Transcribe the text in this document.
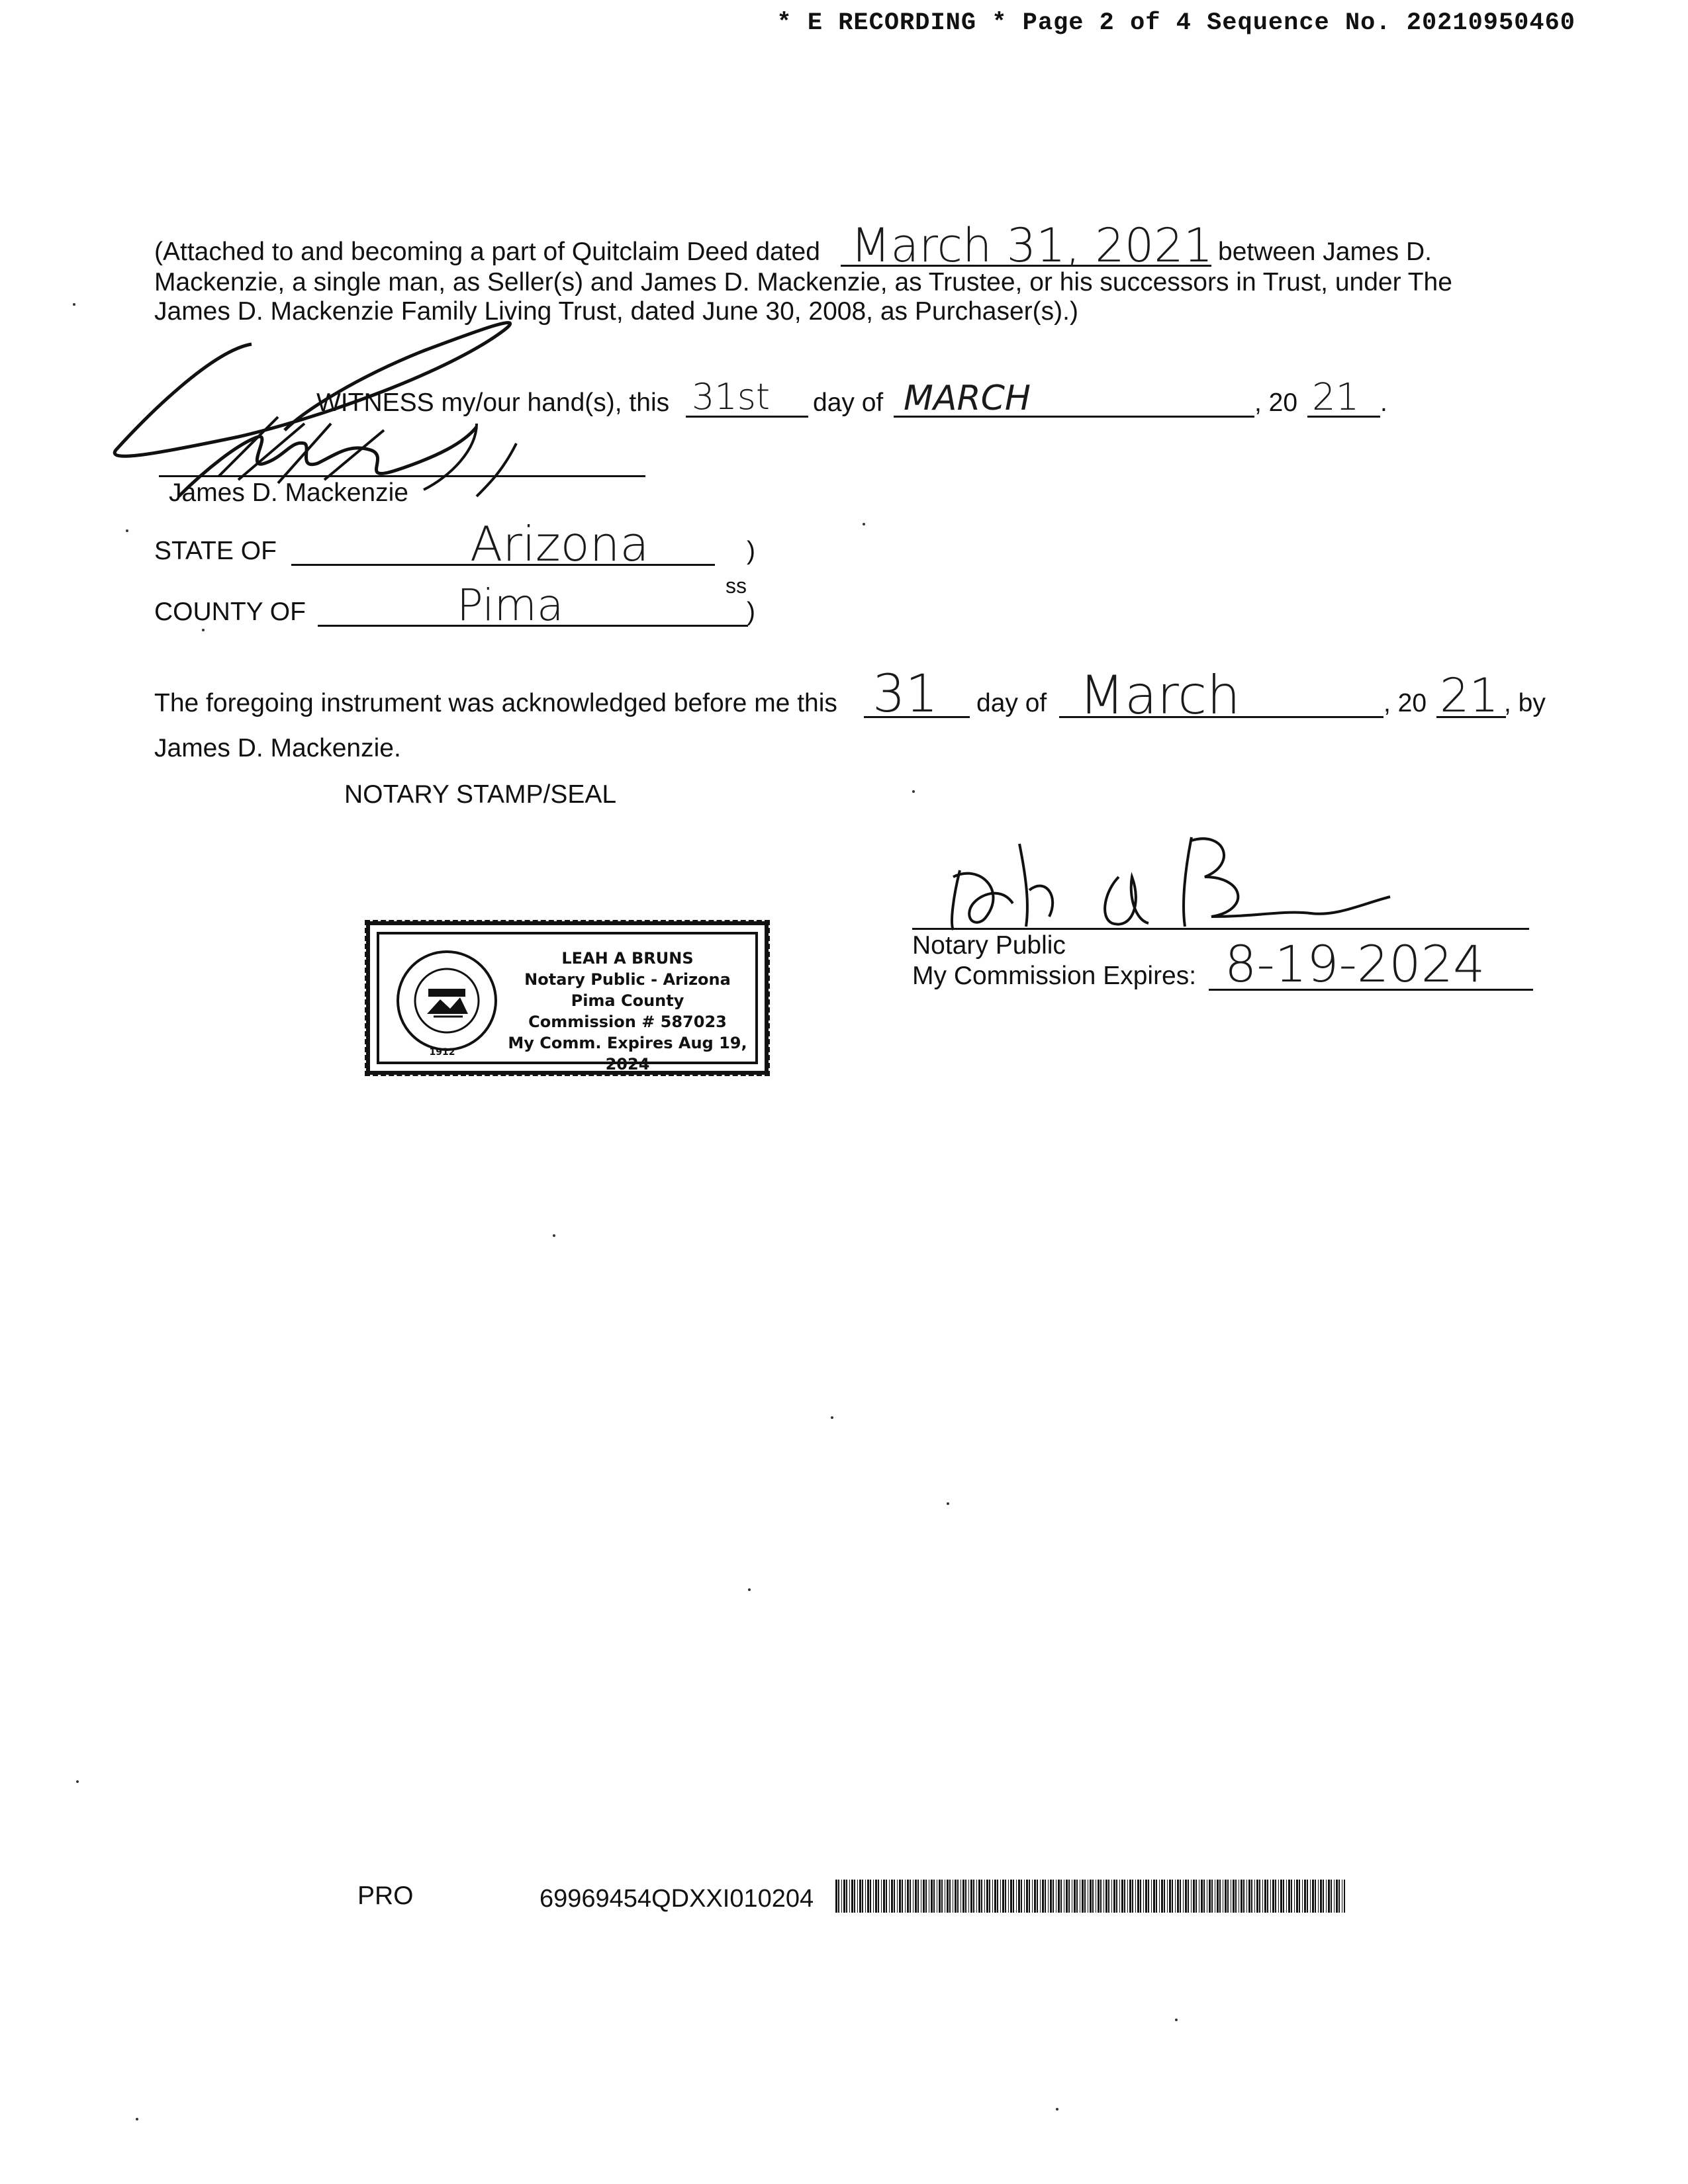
* E RECORDING * Page 2 of 4 Sequence No. 20210950460
(Attached to and becoming a part of Quitclaim Deed dated March 31, 2021 between James D.
Mackenzie, a single man, as Seller(s) and James D. Mackenzie, as Trustee, or his successors in Trust, under The
James D. Mackenzie Family Living Trust, dated June 30, 2008, as Purchaser(s).)
WITNESS my/our hand(s), this 31st day of MARCH	, 20 21 .
James D. Mackenzie
STATE OF	Arizona	)
ss
COUNTY OF	Pima	)
The foregoing instrument was acknowledged before me this 31 day of March	, 20 21 , by
James D. Mackenzie.
NOTARY STAMP/SEAL
Notary Public
My Commission Expires: 8-19-2024
1912
LEAH A BRUNS
Notary Public - Arizona
Pima County
Commission # 587023
My Comm. Expires Aug 19, 2024
PRO	69969454QDXXI010204
